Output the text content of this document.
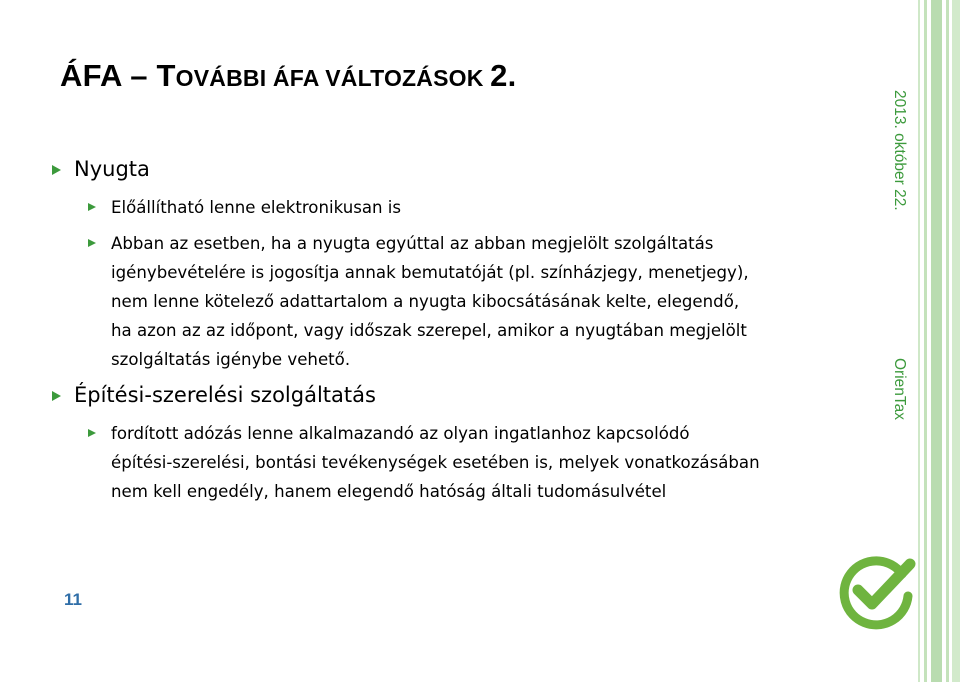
ÁFA – TOVÁBBI ÁFA VÁLTOZÁSOK 2.
Nyugta
Előállítható lenne elektronikusan is
Abban az esetben, ha a nyugta egyúttal az abban megjelölt szolgáltatás
igénybevételére is jogosítja annak bemutatóját (pl. színházjegy, menetjegy),
nem lenne kötelező adattartalom a nyugta kibocsátásának kelte, elegendő,
ha azon az az időpont, vagy időszak szerepel, amikor a nyugtában megjelölt
szolgáltatás igénybe vehető.
Építési-szerelési szolgáltatás
fordított adózás lenne alkalmazandó az olyan ingatlanhoz kapcsolódó
építési-szerelési, bontási tevékenységek esetében is, melyek vonatkozásában
nem kell engedély, hanem elegendő hatóság általi tudomásulvétel
11
2013. október 22.
OrienTax
